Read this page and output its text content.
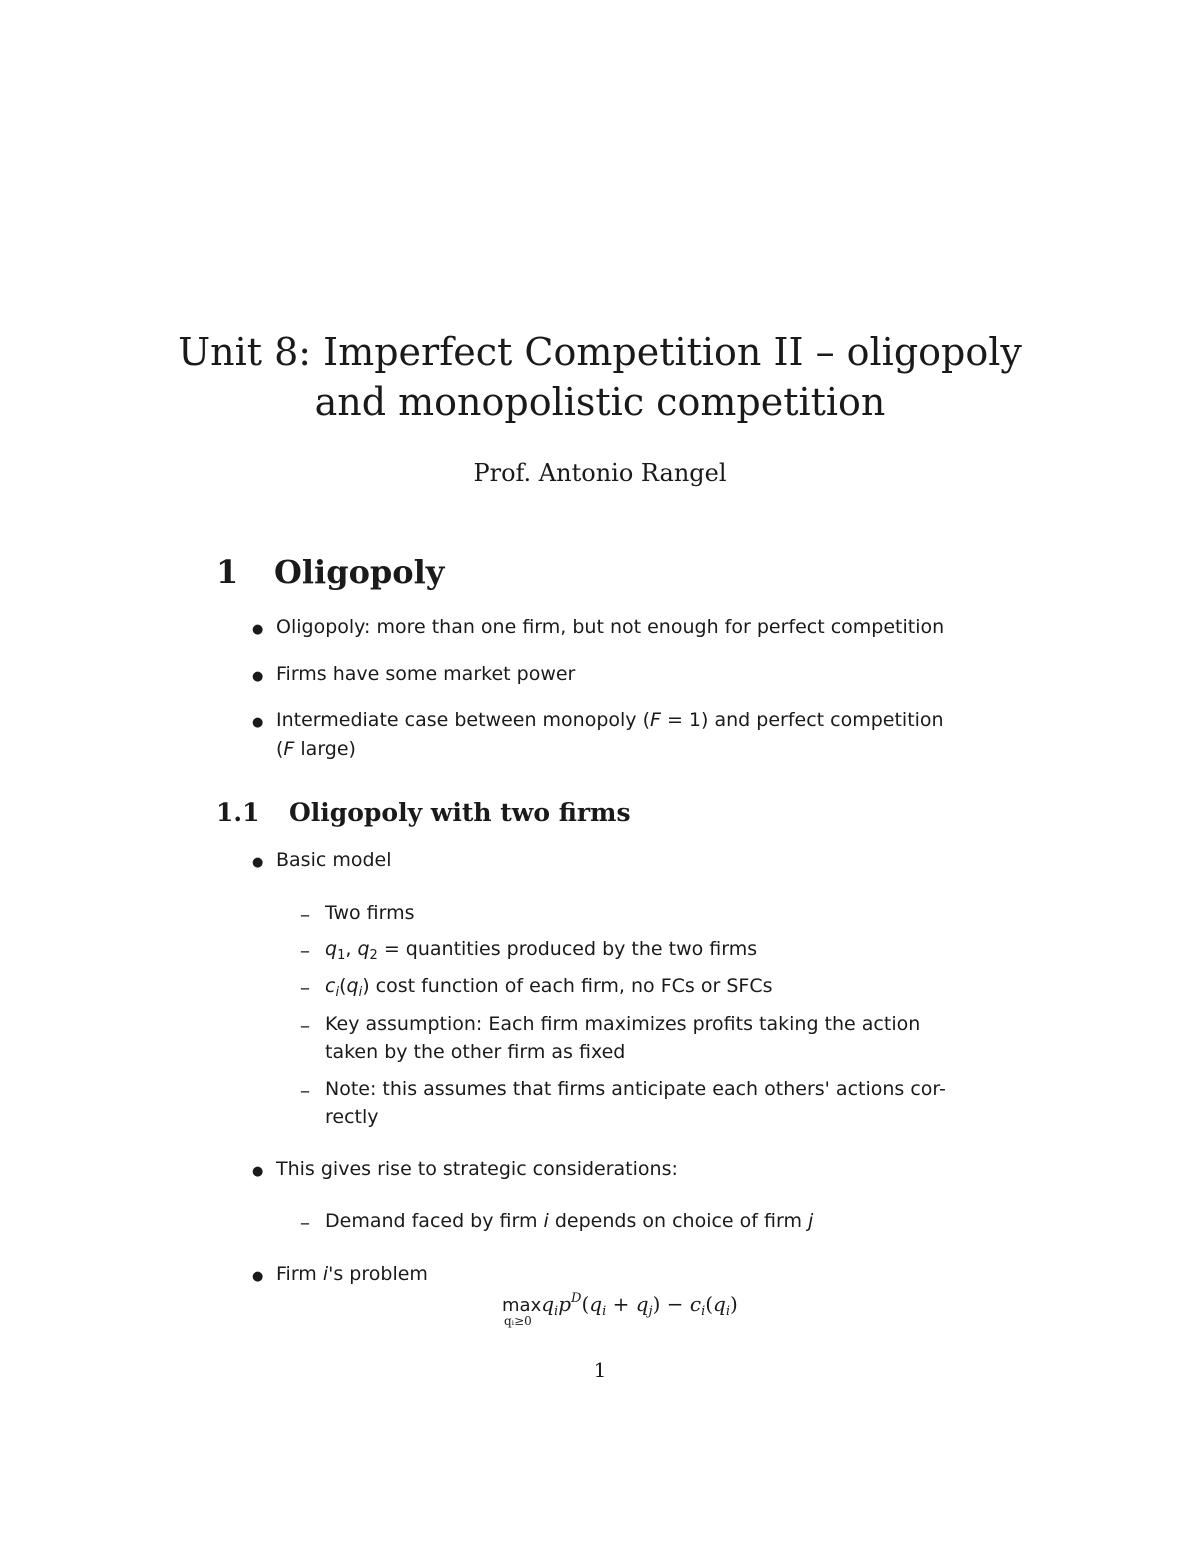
Unit 8: Imperfect Competition II – oligopoly
and monopolistic competition
Prof. Antonio Rangel
1 Oligopoly
● Oligopoly: more than one firm, but not enough for perfect competition
● Firms have some market power
● Intermediate case between monopoly (F = 1) and perfect competition
(F large)
1.1 Oligopoly with two firms
● Basic model
– Two firms
– $q_1$, $q_2$ = quantities produced by the two firms
– $c_i(q_i)$ cost function of each firm, no FCs or SFCs
– Key assumption: Each firm maximizes profits taking the action
taken by the other firm as fixed
– Note: this assumes that firms anticipate each others' actions cor-
rectly
● This gives rise to strategic considerations:
– Demand faced by firm i depends on choice of firm j
● Firm i's problem
max
qᵢ≥0
$q_ip^D(q_i + q_j) - c_i(q_i)$
1
